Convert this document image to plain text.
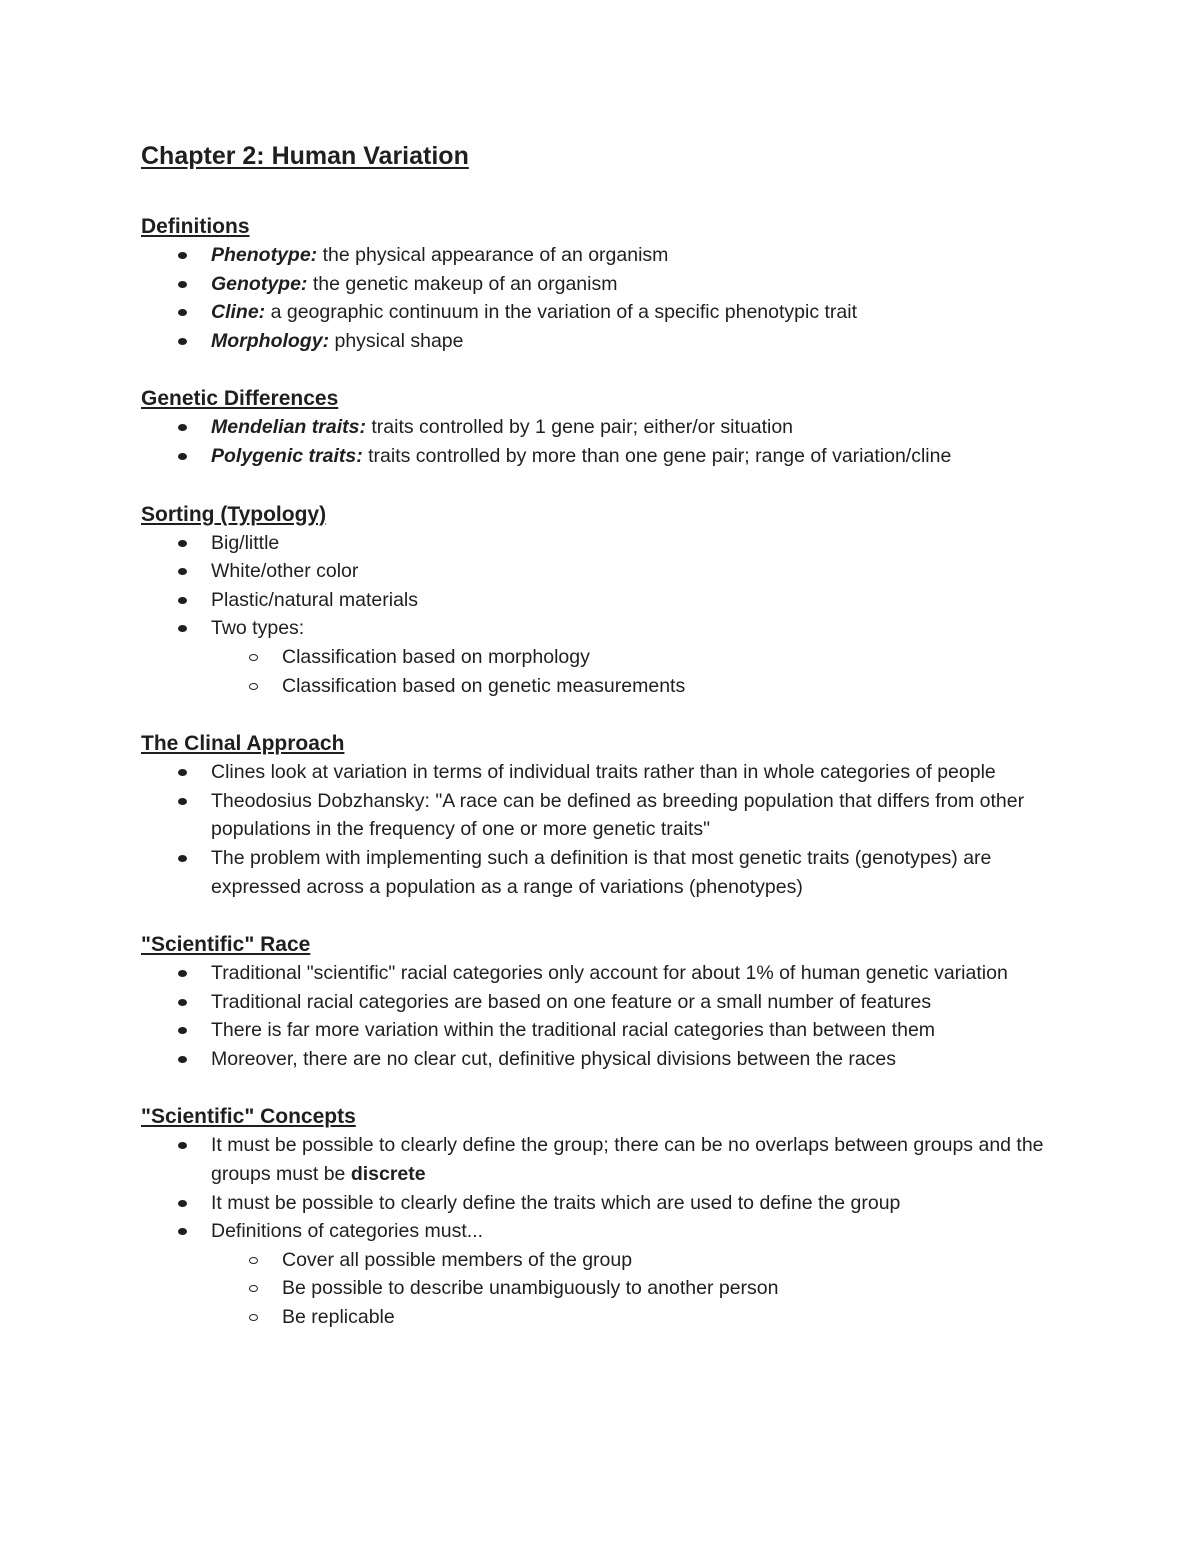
Chapter 2: Human Variation
Definitions
Phenotype: the physical appearance of an organism
Genotype: the genetic makeup of an organism
Cline: a geographic continuum in the variation of a specific phenotypic trait
Morphology: physical shape
Genetic Differences
Mendelian traits: traits controlled by 1 gene pair; either/or situation
Polygenic traits: traits controlled by more than one gene pair; range of variation/cline
Sorting (Typology)
Big/little
White/other color
Plastic/natural materials
Two types:
Classification based on morphology
Classification based on genetic measurements
The Clinal Approach
Clines look at variation in terms of individual traits rather than in whole categories of people
Theodosius Dobzhansky: "A race can be defined as breeding population that differs from other populations in the frequency of one or more genetic traits"
The problem with implementing such a definition is that most genetic traits (genotypes) are expressed across a population as a range of variations (phenotypes)
"Scientific" Race
Traditional "scientific" racial categories only account for about 1% of human genetic variation
Traditional racial categories are based on one feature or a small number of features
There is far more variation within the traditional racial categories than between them
Moreover, there are no clear cut, definitive physical divisions between the races
"Scientific" Concepts
It must be possible to clearly define the group; there can be no overlaps between groups and the groups must be discrete
It must be possible to clearly define the traits which are used to define the group
Definitions of categories must...
Cover all possible members of the group
Be possible to describe unambiguously to another person
Be replicable
